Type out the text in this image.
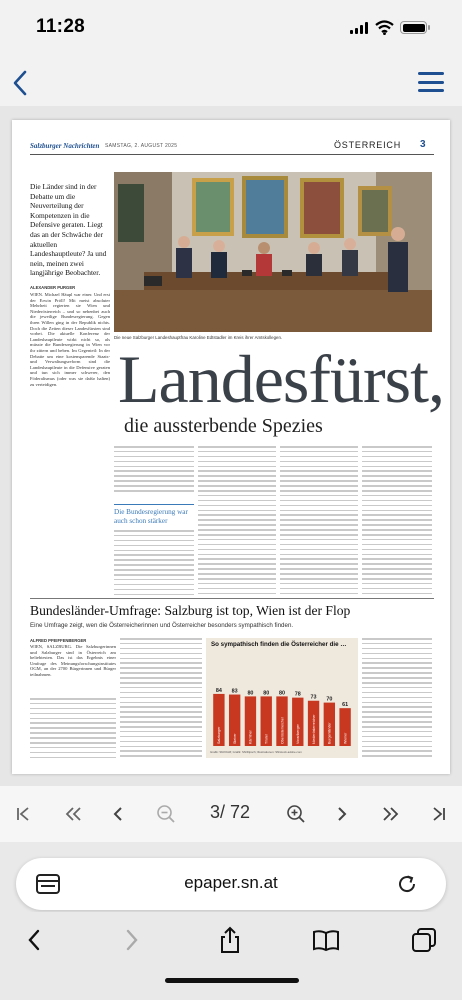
11:28
Salzburger Nachrichten SAMSTAG, 2. AUGUST 2025	ÖSTERREICH 3
Die Länder sind in der Debatte um die Neuverteilung der Kompetenzen in die Defensive geraten. Liegt das an der Schwäche der aktuellen Landeshauptleute? Ja und nein, meinen zwei langjährige Beobachter.
ALEXANDER PURGER
WIEN. Michael Häupl war einer. Und erst der Erwin Pröll! Mit meist absoluter Mehrheit regierten sie Wien und Niederösterreich – und so nebenbei auch die jeweilige Bundesregierung. Gegen ihren Willen ging in der Republik nichts. Doch die Zeiten dieser Landesfürsten sind vorbei. Die aktuelle Konferenz der Landeshauptleute wirkt nicht so, als müsste die Bundesregierung in Wien vor ihr zittern und beben. Im Gegenteil: In der Debatte um eine kostensparende Staats- und Verwaltungsreform sind die Landeshauptleute in die Defensive geraten und tun sich immer schwerer, den Föderalismus (oder was sie dafür halten) zu verteidigen.
Die neue Salzburger Landeshauptfrau Karoline Edtstadler im Kreis ihrer Amtskollegen.
Landesfürst,
die aussterbende Spezies
Die Bundesregierung war auch schon stärker
Bundesländer-Umfrage: Salzburg ist top, Wien ist der Flop
Eine Umfrage zeigt, wen die Österreicherinnen und Österreicher besonders sympathisch finden.
ALFRED PFEIFFENBERGER
WIEN, SALZBURG. Die Salzburgerinnen und Salzburger sind in Österreich am beliebtesten. Das ist das Ergebnis einer Umfrage des Meinungsforschungsinstitutes OGM, an der 2700 Bürgerinnen und Bürger teilnahmen.
So sympathisch finden die Österreicher die …
84
Salzburger
83
Steirer
80
Kärntner
80
Tiroler
80
Oberösterreicher
78
Vorarlberger
73
Niederösterreicher
70
Burgenländer
61
Wiener
Grafik: SN/OGM; Grafik: SN/Dipsch; Illustrationen: SN/stock.adobe.com
3/ 72
epaper.sn.at
